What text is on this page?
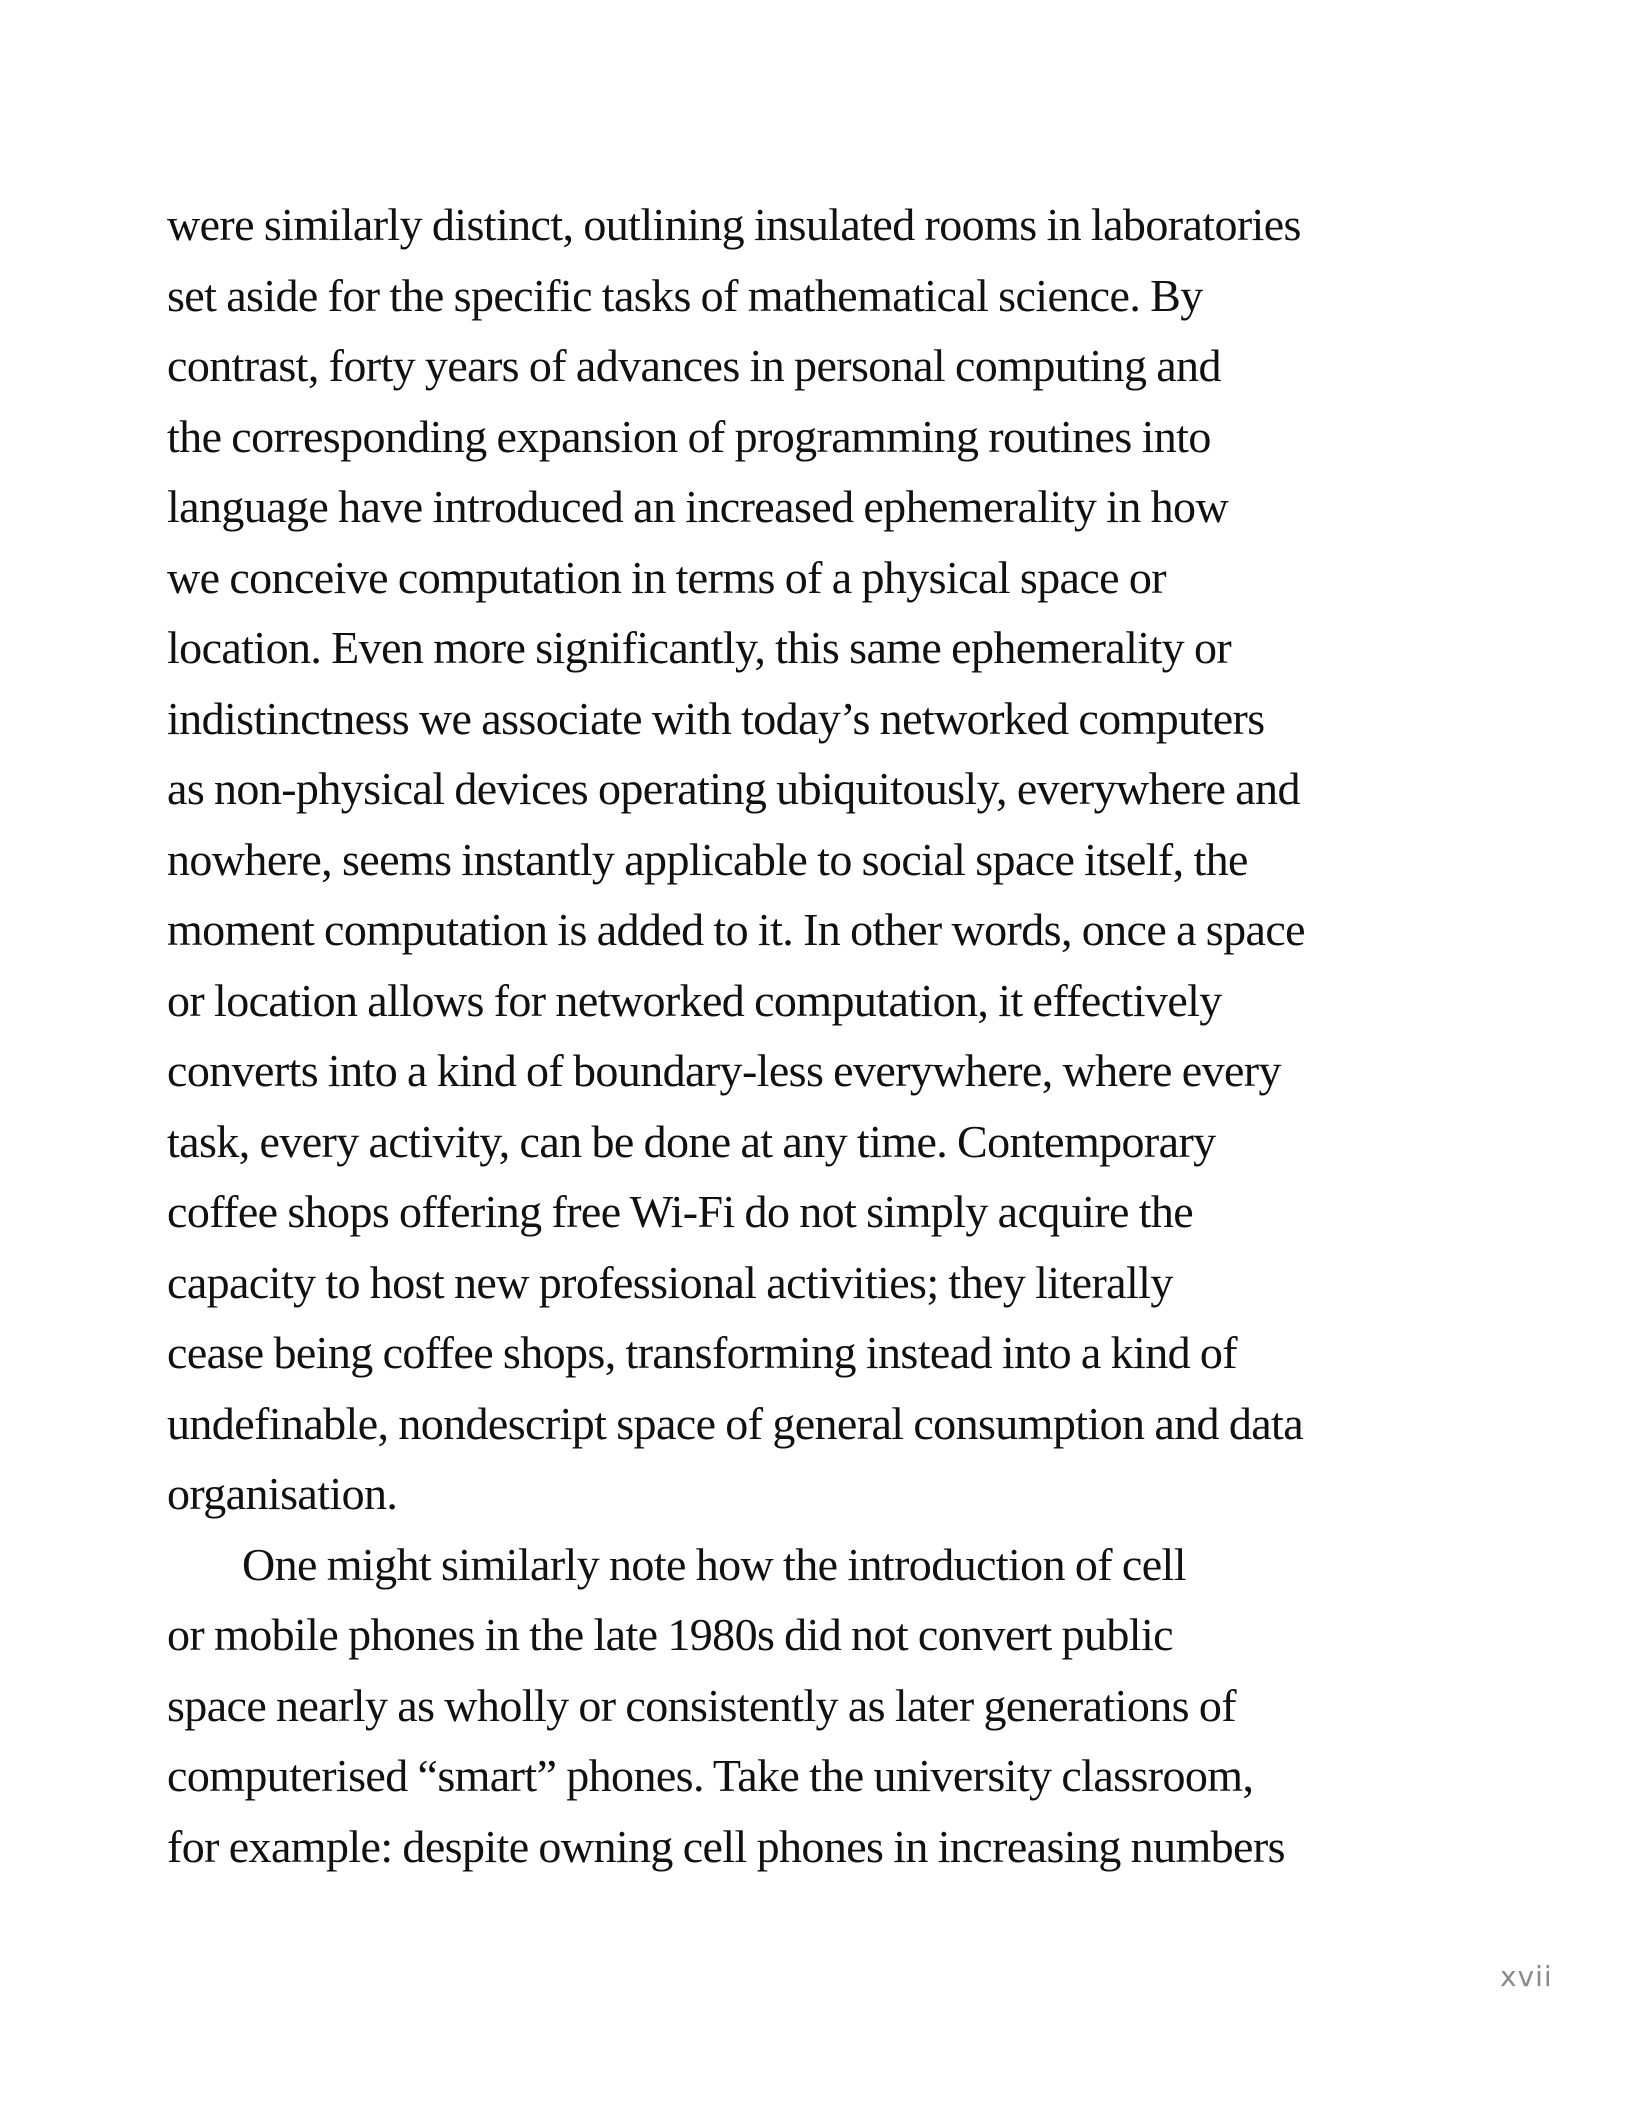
were similarly distinct, outlining insulated rooms in laboratories
set aside for the specific tasks of mathematical science. By
contrast, forty years of advances in personal computing and
the corresponding expansion of programming routines into
language have introduced an increased ephemerality in how
we conceive computation in terms of a physical space or
location. Even more significantly, this same ephemerality or
indistinctness we associate with today’s networked computers
as non-physical devices operating ubiquitously, everywhere and
nowhere, seems instantly applicable to social space itself, the
moment computation is added to it. In other words, once a space
or location allows for networked computation, it effectively
converts into a kind of boundary-less everywhere, where every
task, every activity, can be done at any time. Contemporary
coffee shops offering free Wi-Fi do not simply acquire the
capacity to host new professional activities; they literally
cease being coffee shops, transforming instead into a kind of
undefinable, nondescript space of general consumption and data
organisation.
One might similarly note how the introduction of cell
or mobile phones in the late 1980s did not convert public
space nearly as wholly or consistently as later generations of
computerised “smart” phones. Take the university classroom,
for example: despite owning cell phones in increasing numbers
xvii
